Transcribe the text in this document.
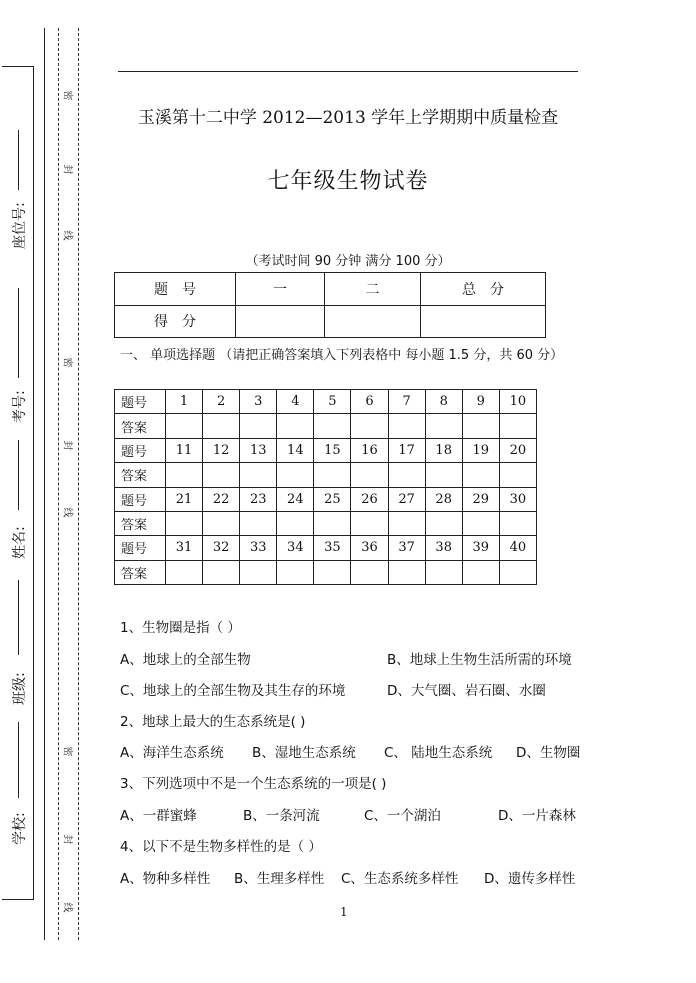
座位号:
考号:
姓名:
班级:
学校:
密
封
线
密
封
线
密
封
线
玉溪第十二中学 2012—2013 学年上学期期中质量检查
七年级生物试卷
（考试时间 90 分钟 满分 100 分）
题　号	一	二	总　分
得　分			
一、 单项选择题 （请把正确答案填入下列表格中 每小题 1.5 分，共 60 分）
题号	1	2	3	4	5	6	7	8	9	10
答案										
题号	11	12	13	14	15	16	17	18	19	20
答案										
题号	21	22	23	24	25	26	27	28	29	30
答案										
题号	31	32	33	34	35	36	37	38	39	40
答案										
1、生物圈是指（ ）
A、地球上的全部生物	B、地球上生物生活所需的环境
C、地球上的全部生物及其生存的环境	D、大气圈、岩石圈、水圈
2、地球上最大的生态系统是( )
A、海洋生态系统 B、湿地生态系统 C、 陆地生态系统 D、生物圈
3、下列选项中不是一个生态系统的一项是( )
A、一群蜜蜂	B、一条河流	C、一个湖泊	D、一片森林
4、以下不是生物多样性的是（ ）
A、物种多样性 B、生理多样性 C、生态系统多样性 D、遗传多样性
1
